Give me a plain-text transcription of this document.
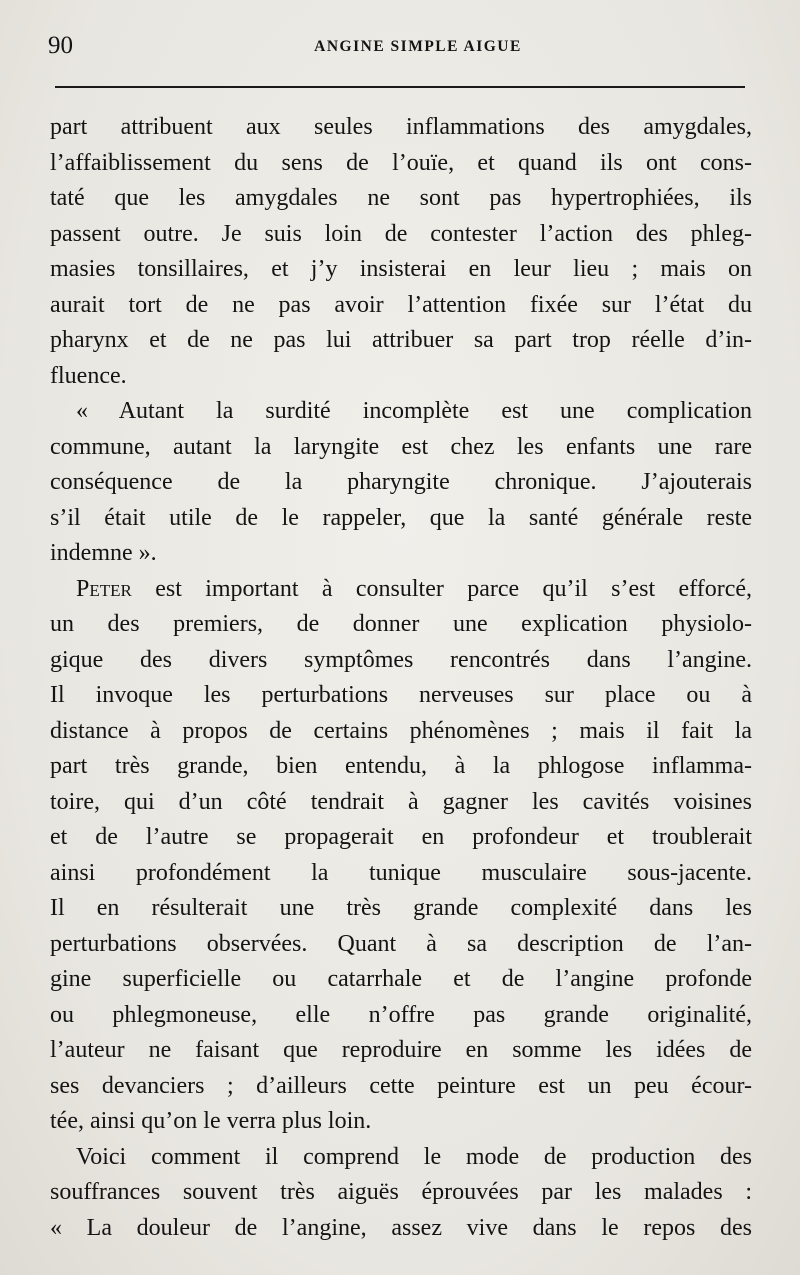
90	ANGINE SIMPLE AIGUE
part attribuent aux seules inflammations des amygdales,
l’affaiblissement du sens de l’ouïe, et quand ils ont cons-
taté que les amygdales ne sont pas hypertrophiées, ils
passent outre. Je suis loin de contester l’action des phleg-
masies tonsillaires, et j’y insisterai en leur lieu ; mais on
aurait tort de ne pas avoir l’attention fixée sur l’état du
pharynx et de ne pas lui attribuer sa part trop réelle d’in-
fluence.
« Autant la surdité incomplète est une complication
commune, autant la laryngite est chez les enfants une rare
conséquence de la pharyngite chronique. J’ajouterais
s’il était utile de le rappeler, que la santé générale reste
indemne ».
Peter est important à consulter parce qu’il s’est efforcé,
un des premiers, de donner une explication physiolo-
gique des divers symptômes rencontrés dans l’angine.
Il invoque les perturbations nerveuses sur place ou à
distance à propos de certains phénomènes ; mais il fait la
part très grande, bien entendu, à la phlogose inflamma-
toire, qui d’un côté tendrait à gagner les cavités voisines
et de l’autre se propagerait en profondeur et troublerait
ainsi profondément la tunique musculaire sous-jacente.
Il en résulterait une très grande complexité dans les
perturbations observées. Quant à sa description de l’an-
gine superficielle ou catarrhale et de l’angine profonde
ou phlegmoneuse, elle n’offre pas grande originalité,
l’auteur ne faisant que reproduire en somme les idées de
ses devanciers ; d’ailleurs cette peinture est un peu écour-
tée, ainsi qu’on le verra plus loin.
Voici comment il comprend le mode de production des
souffrances souvent très aiguës éprouvées par les malades :
« La douleur de l’angine, assez vive dans le repos des
